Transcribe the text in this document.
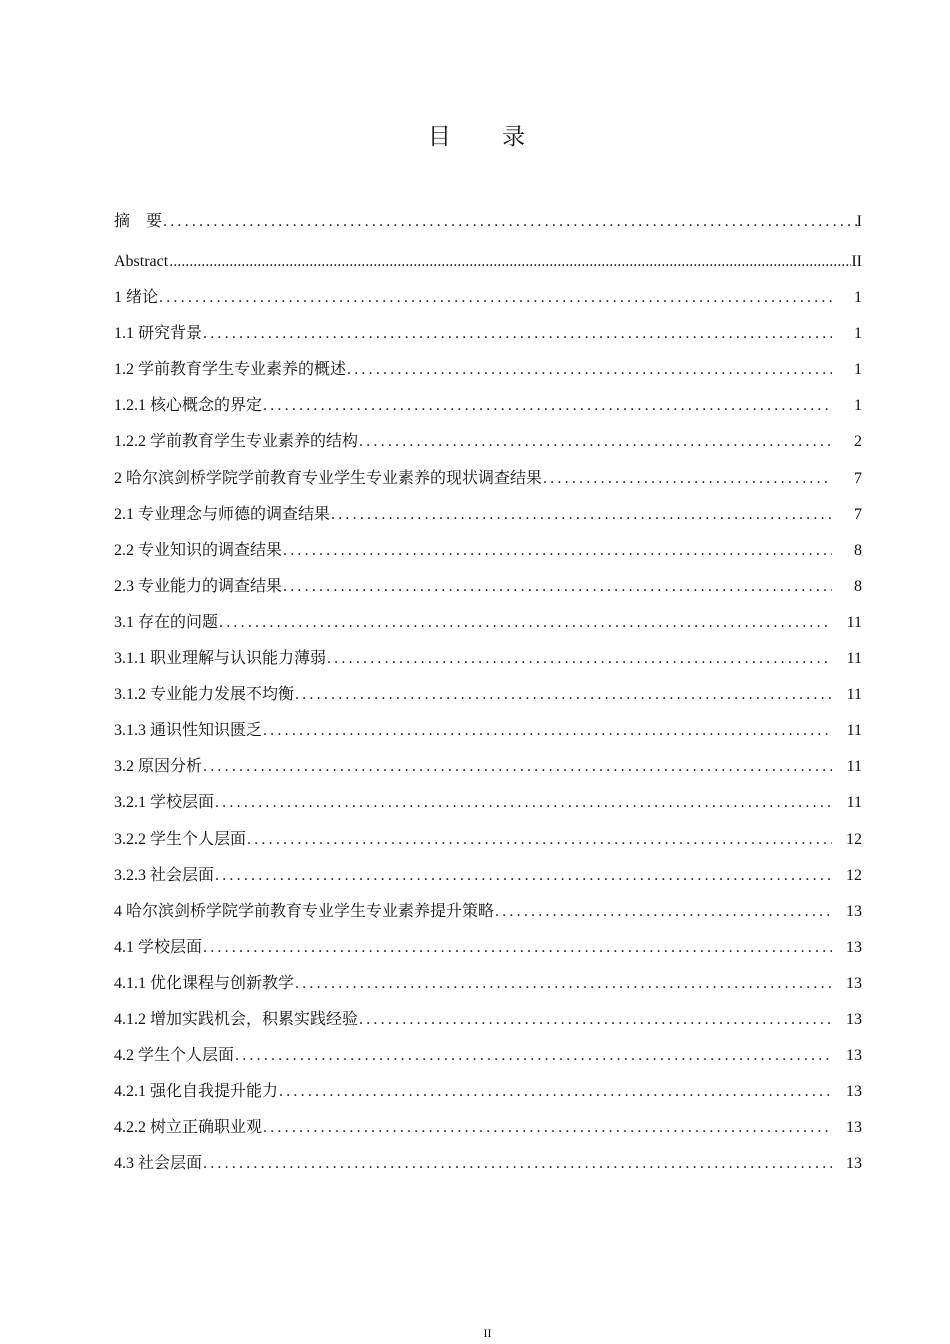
目 录
摘　要 .....	I
Abstract .....	II
1 绪论 .....	1
1.1 研究背景 .....	1
1.2 学前教育学生专业素养的概述 .....	1
1.2.1 核心概念的界定 .....	1
1.2.2 学前教育学生专业素养的结构 .....	2
2 哈尔滨剑桥学院学前教育专业学生专业素养的现状调查结果 .....	7
2.1 专业理念与师德的调查结果 .....	7
2.2 专业知识的调查结果 .....	8
2.3 专业能力的调查结果 .....	8
3.1 存在的问题 .....	11
3.1.1 职业理解与认识能力薄弱 .....	11
3.1.2 专业能力发展不均衡 .....	11
3.1.3 通识性知识匮乏 .....	11
3.2 原因分析 .....	11
3.2.1 学校层面 .....	11
3.2.2 学生个人层面 .....	12
3.2.3 社会层面 .....	12
4 哈尔滨剑桥学院学前教育专业学生专业素养提升策略 .....	13
4.1 学校层面 .....	13
4.1.1 优化课程与创新教学 .....	13
4.1.2 增加实践机会，积累实践经验 .....	13
4.2 学生个人层面 .....	13
4.2.1 强化自我提升能力 .....	13
4.2.2 树立正确职业观 .....	13
4.3 社会层面 .....	13
II
